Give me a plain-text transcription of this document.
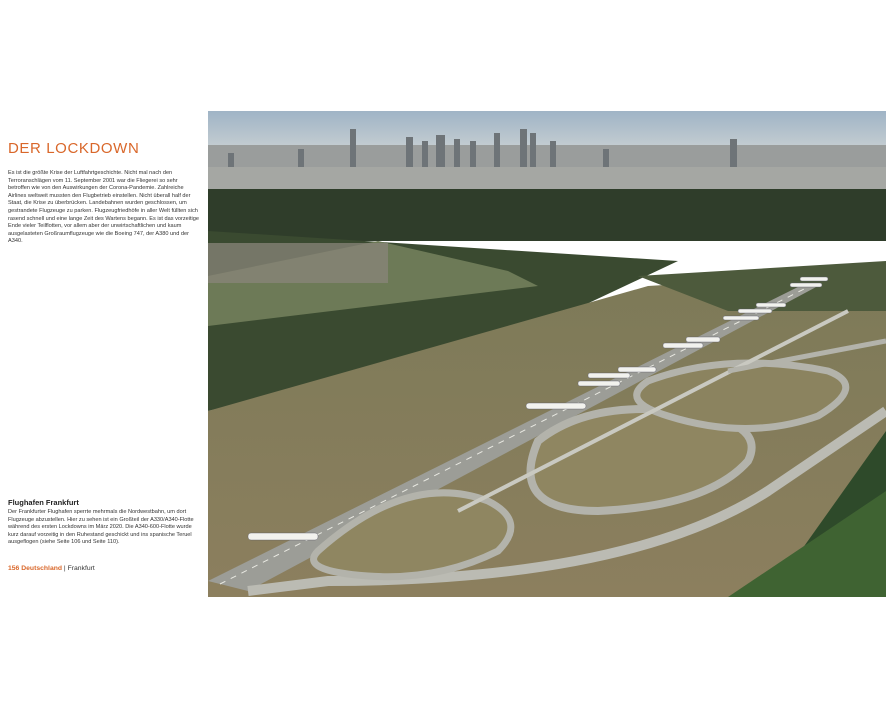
DER LOCKDOWN

Es ist die größte Krise der Luftfahrtgeschichte. Nicht mal nach den Terroranschlägen vom 11. September 2001 war die Fliegerei so sehr betroffen wie von den Auswirkungen der Corona-Pandemie. Zahlreiche Airlines weltweit mussten den Flugbetrieb einstellen. Nicht überall half der Staat, die Krise zu überbrücken. Landebahnen wurden geschlossen, um gestrandete Flugzeuge zu parken. Flugzeugfriedhöfe in aller Welt füllten sich rasend schnell und eine lange Zeit des Wartens begann. Es ist das vorzeitige Ende vieler Teilflotten, vor allem aber der unwirtschaftlichen und kaum ausgelasteten Großraumflugzeuge wie die Boeing 747, der A380 und der A340.

Flughafen Frankfurt

Der Frankfurter Flughafen sperrte mehrmals die Nordwestbahn, um dort Flugzeuge abzustellen. Hier zu sehen ist ein Großteil der A330/A340-Flotte während des ersten Lockdowns im März 2020. Die A340-600-Flotte wurde kurz darauf vorzeitig in den Ruhestand geschickt und ins spanische Teruel ausgeflogen (siehe Seite 106 und Seite 110).

156 Deutschland | Frankfurt
